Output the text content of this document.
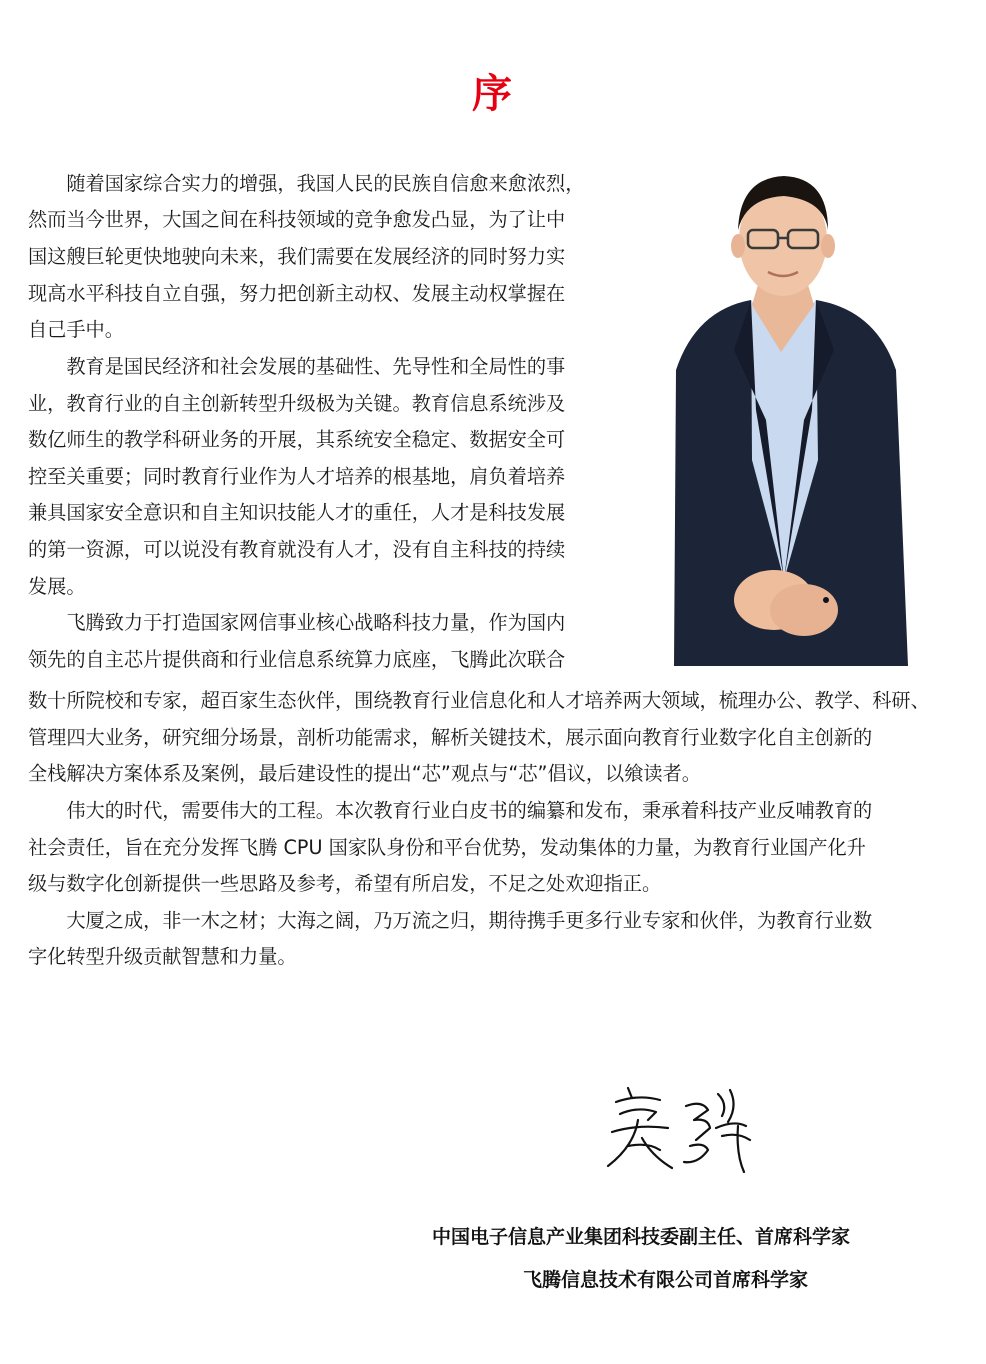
序
　　随着国家综合实力的增强，我国人民的民族自信愈来愈浓烈，
然而当今世界，大国之间在科技领域的竞争愈发凸显，为了让中
国这艘巨轮更快地驶向未来，我们需要在发展经济的同时努力实
现高水平科技自立自强，努力把创新主动权、发展主动权掌握在
自己手中。
　　教育是国民经济和社会发展的基础性、先导性和全局性的事
业，教育行业的自主创新转型升级极为关键。教育信息系统涉及
数亿师生的教学科研业务的开展，其系统安全稳定、数据安全可
控至关重要；同时教育行业作为人才培养的根基地，肩负着培养
兼具国家安全意识和自主知识技能人才的重任，人才是科技发展
的第一资源，可以说没有教育就没有人才，没有自主科技的持续
发展。
　　飞腾致力于打造国家网信事业核心战略科技力量，作为国内
领先的自主芯片提供商和行业信息系统算力底座，飞腾此次联合
数十所院校和专家，超百家生态伙伴，围绕教育行业信息化和人才培养两大领域，梳理办公、教学、科研、
管理四大业务，研究细分场景，剖析功能需求，解析关键技术，展示面向教育行业数字化自主创新的
全栈解决方案体系及案例，最后建设性的提出“芯”观点与“芯”倡议，以飨读者。
　　伟大的时代，需要伟大的工程。本次教育行业白皮书的编纂和发布，秉承着科技产业反哺教育的
社会责任，旨在充分发挥飞腾 CPU 国家队身份和平台优势，发动集体的力量，为教育行业国产化升
级与数字化创新提供一些思路及参考，希望有所启发，不足之处欢迎指正。
　　大厦之成，非一木之材；大海之阔，乃万流之归，期待携手更多行业专家和伙伴，为教育行业数
字化转型升级贡献智慧和力量。
中国电子信息产业集团科技委副主任、首席科学家
飞腾信息技术有限公司首席科学家
